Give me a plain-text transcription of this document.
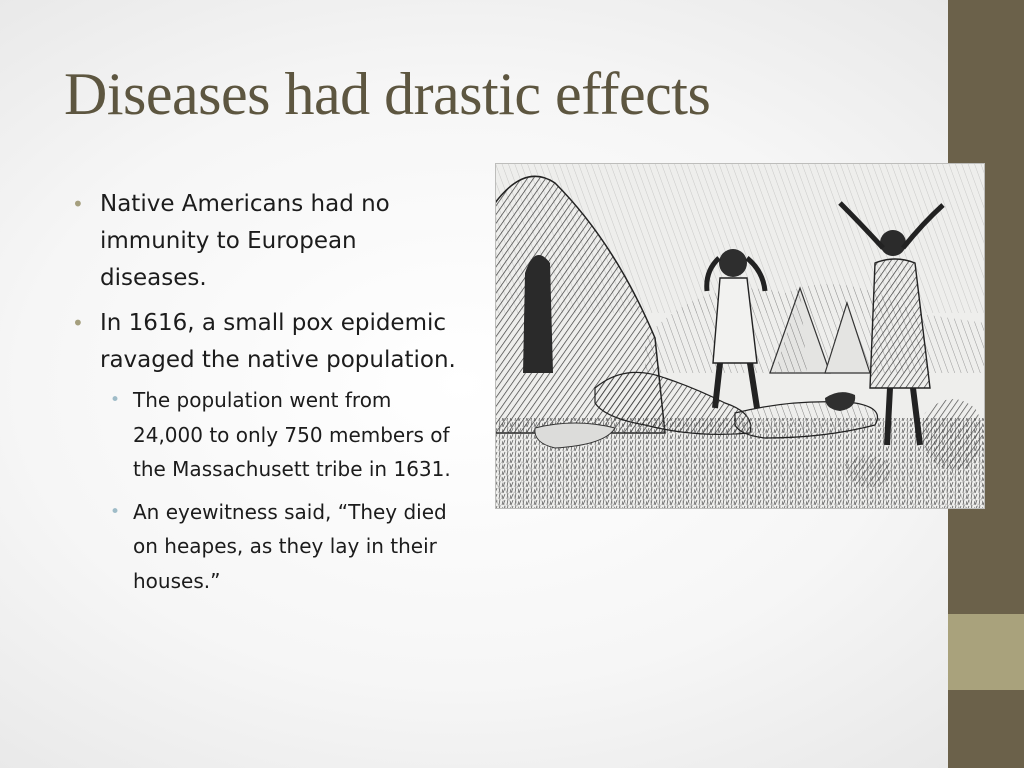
Diseases had drastic effects
• Native Americans had no immunity to European diseases.
• In 1616, a small pox epidemic ravaged the native population.
• The population went from 24,000 to only 750 members of the Massachusett tribe in 1631.
• An eyewitness said, “They died on heapes, as they lay in their houses.”
